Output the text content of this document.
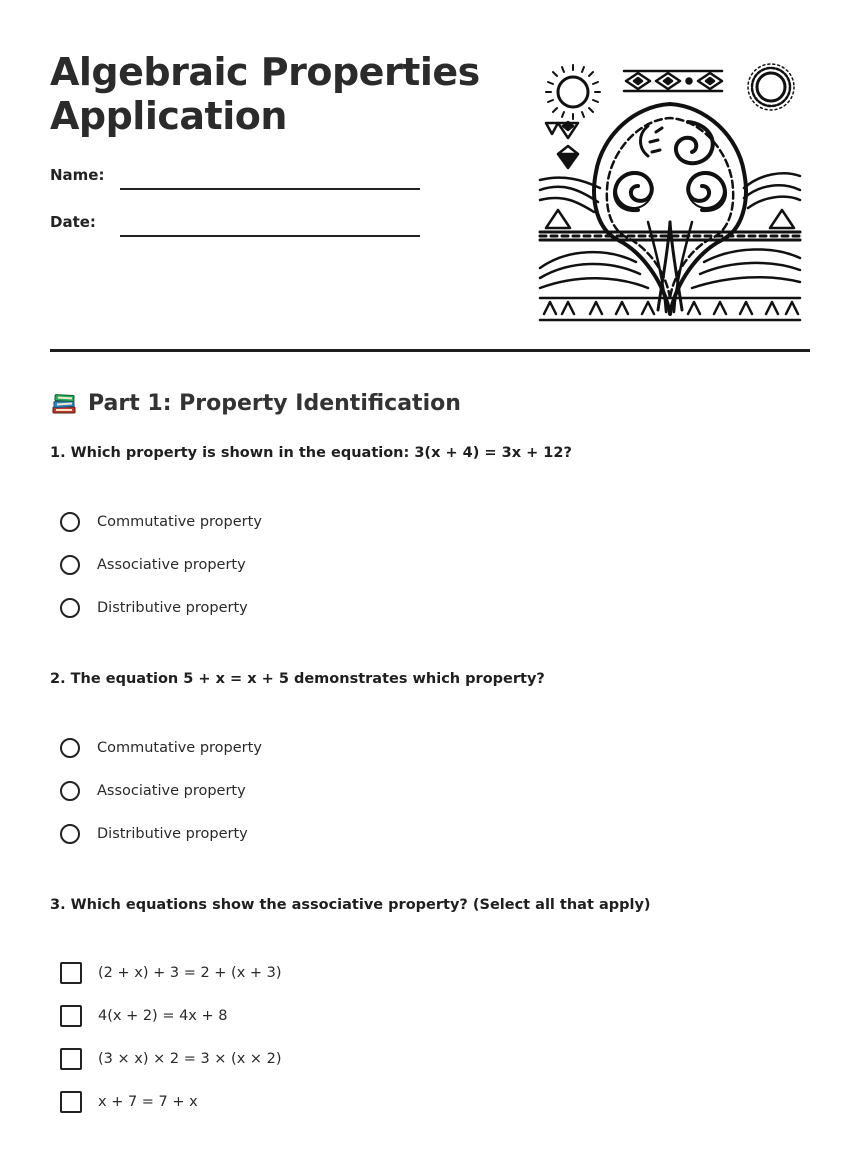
Algebraic Properties
Application
Name:
Date:
Part 1: Property Identification
1. Which property is shown in the equation: 3(x + 4) = 3x + 12?
Commutative property
Associative property
Distributive property
2. The equation 5 + x = x + 5 demonstrates which property?
Commutative property
Associative property
Distributive property
3. Which equations show the associative property? (Select all that apply)
(2 + x) + 3 = 2 + (x + 3)
4(x + 2) = 4x + 8
(3 × x) × 2 = 3 × (x × 2)
x + 7 = 7 + x
